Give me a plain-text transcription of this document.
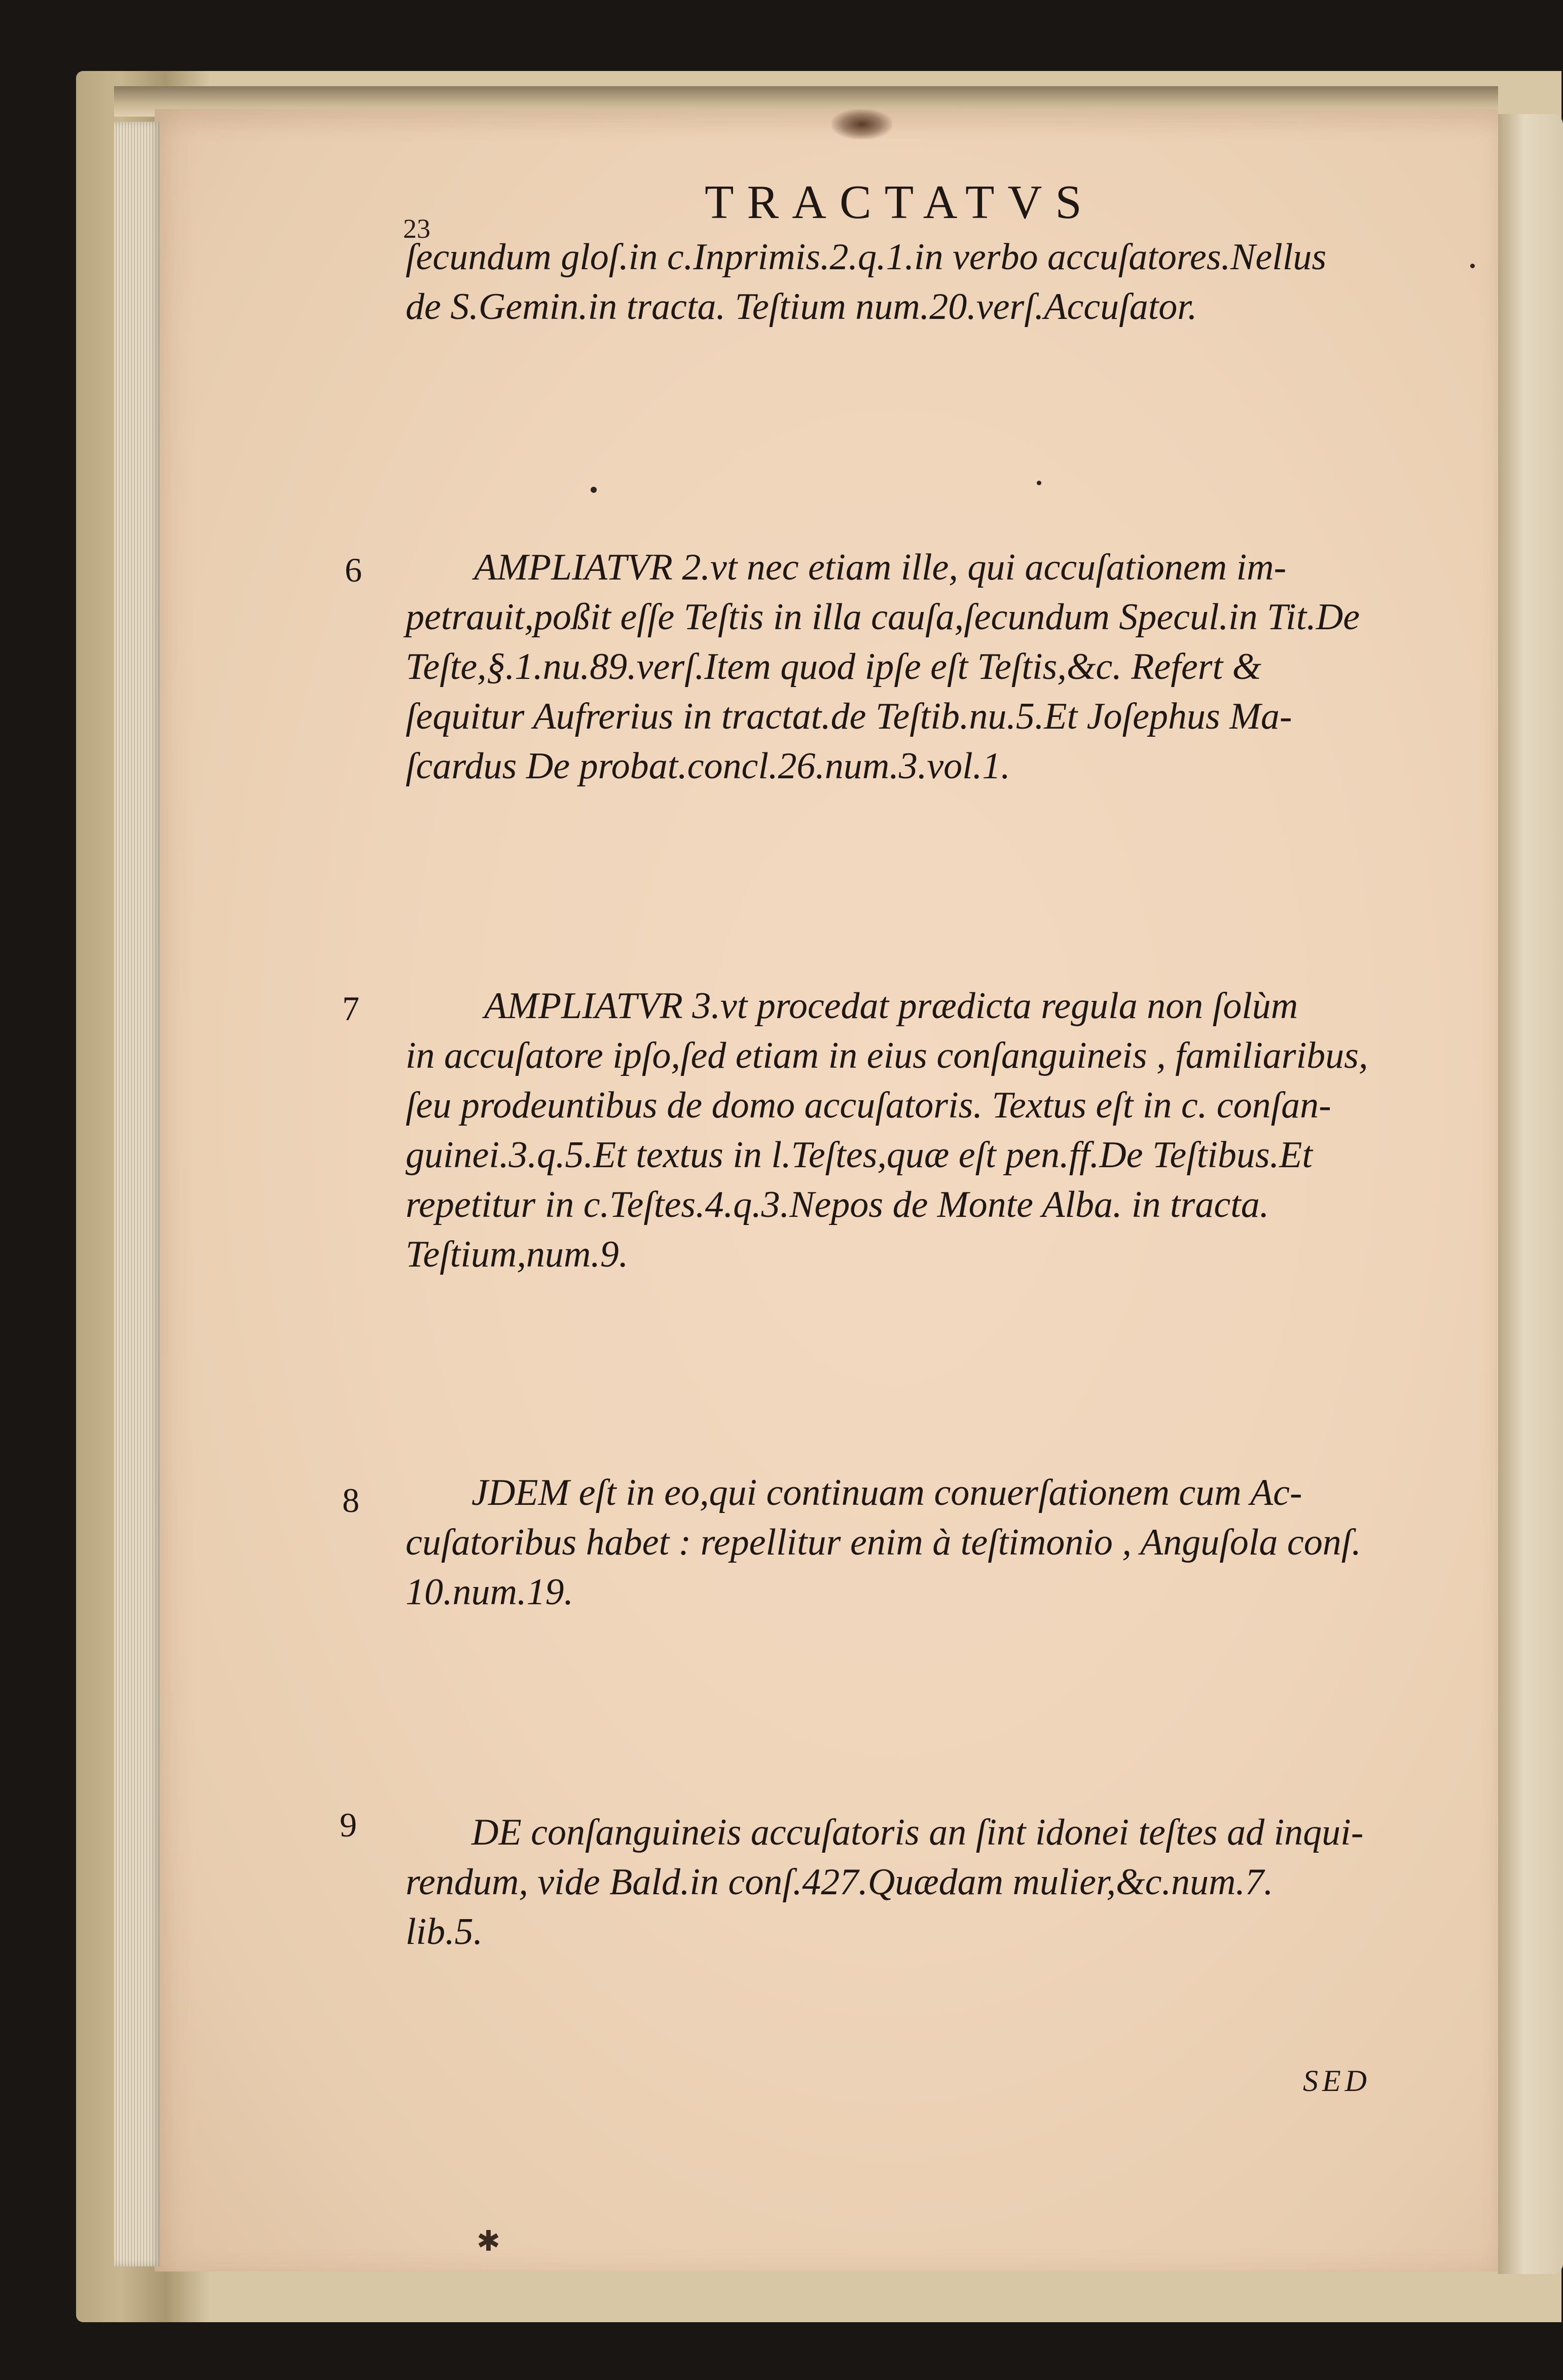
23	TRACTATVS
ſecundum gloſ.in c.Inprimis.2.q.1.in verbo accuſatores.Nellus
de S.Gemin.in tracta. Teſtium num.20.verſ.Accuſator.
6	AMPLIATVR 2.vt nec etiam ille, qui accuſationem im-
petrauit,poßit eſſe Teſtis in illa cauſa,ſecundum Specul.in Tit.De
Teſte,§.1.nu.89.verſ.Item quod ipſe eſt Teſtis,&c. Refert &
ſequitur Aufrerius in tractat.de Teſtib.nu.5.Et Joſephus Ma-
ſcardus De probat.concl.26.num.3.vol.1.
7	AMPLIATVR 3.vt procedat prædicta regula non ſolùm
in accuſatore ipſo,ſed etiam in eius conſanguineis , familiaribus,
ſeu prodeuntibus de domo accuſatoris. Textus eſt in c. conſan-
guinei.3.q.5.Et textus in l.Teſtes,quæ eſt pen.ff.De Teſtibus.Et
repetitur in c.Teſtes.4.q.3.Nepos de Monte Alba. in tracta.
Teſtium,num.9.
8	JDEM eſt in eo,qui continuam conuerſationem cum Ac-
cuſatoribus habet : repellitur enim à teſtimonio , Anguſola conſ.
10.num.19.
9	DE conſanguineis accuſatoris an ſint idonei teſtes ad inqui-
rendum, vide Bald.in conſ.427.Quædam mulier,&c.num.7.
lib.5.
SED
✱
